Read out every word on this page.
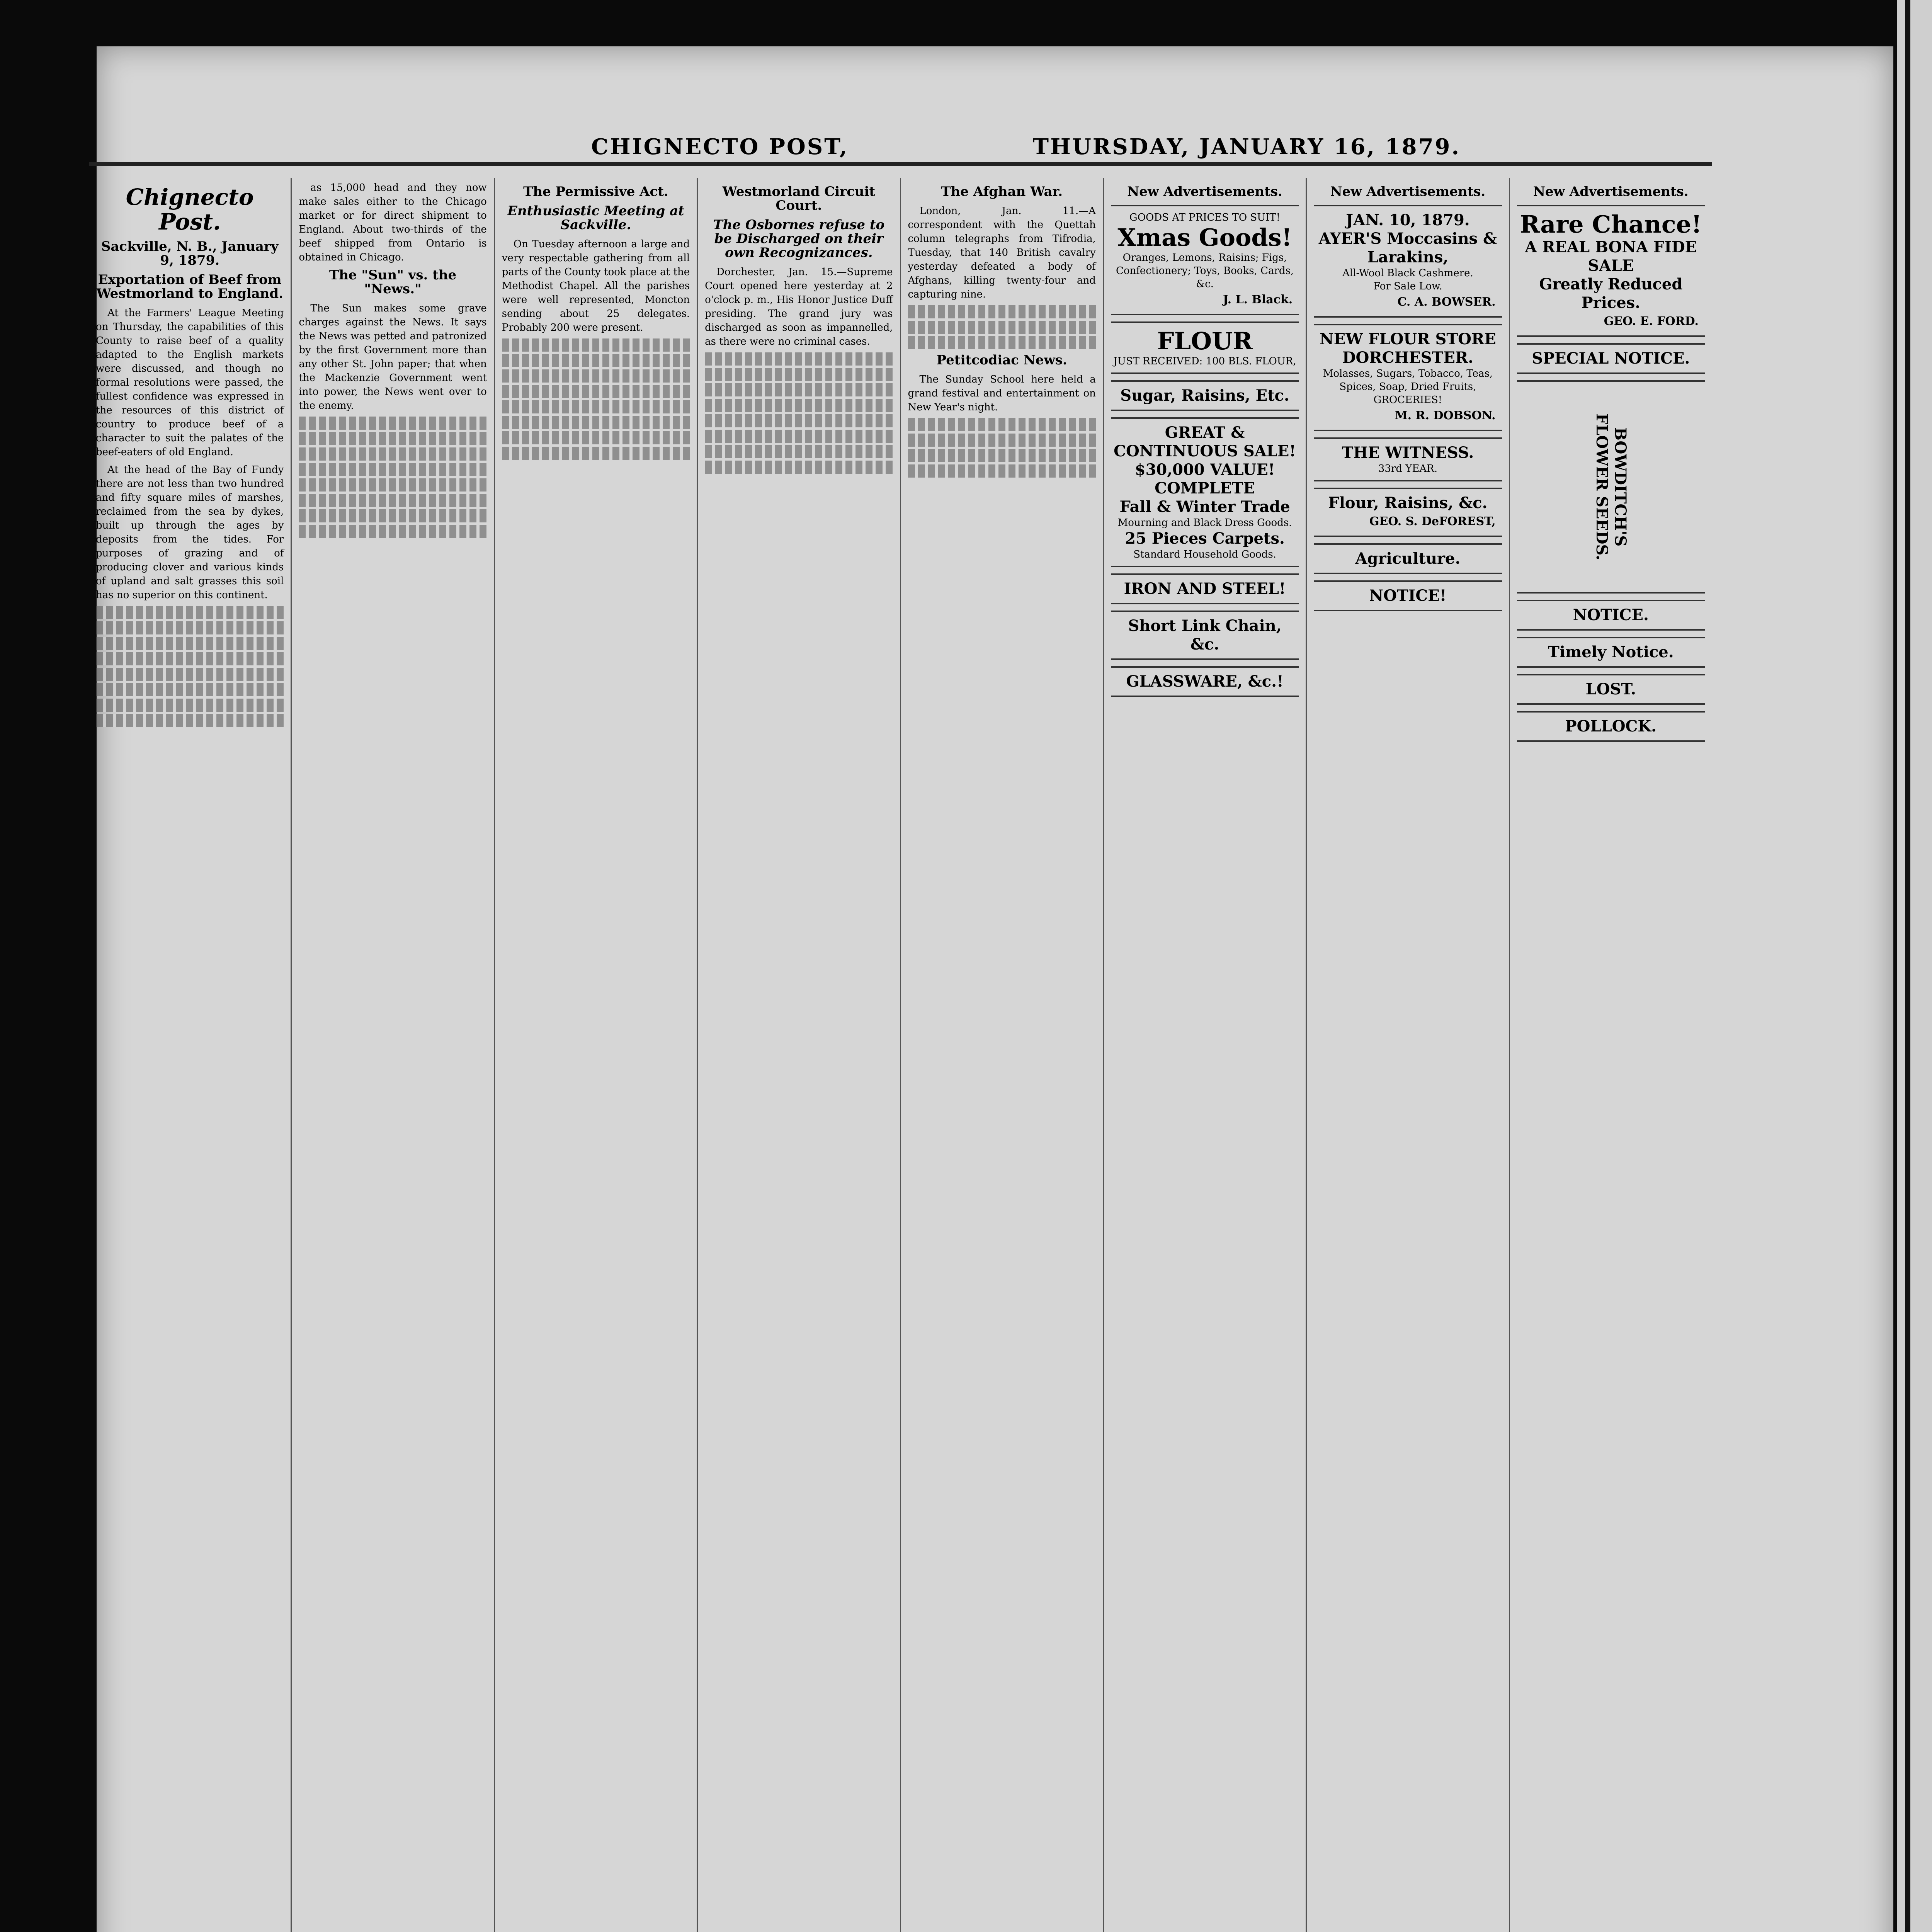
CHIGNECTO POST,	THURSDAY, JANUARY 16, 1879.
Chignecto Post.
Sackville, N. B., January 9, 1879.
Exportation of Beef from Westmorland to England.

At the Farmers' League Meeting on Thursday, the capabilities of this County to raise beef of a quality adapted to the English markets were discussed, and though no formal resolutions were passed, the fullest confidence was expressed in the resources of this district of country to produce beef of a character to suit the palates of the beef-eaters of old England.

At the head of the Bay of Fundy there are not less than two hundred and fifty square miles of marshes, reclaimed from the sea by dykes, built up through the ages by deposits from the tides. For purposes of grazing and of producing clover and various kinds of upland and salt grasses this soil has no superior on this continent.

as 15,000 head and they now make sales either to the Chicago market or for direct shipment to England. About two-thirds of the beef shipped from Ontario is obtained in Chicago.

The "Sun" vs. the "News."

The Sun makes some grave charges against the News. It says the News was petted and patronized by the first Government more than any other St. John paper; that when the Mackenzie Government went into power, the News went over to the enemy.

The Permissive Act.
Enthusiastic Meeting at Sackville.

On Tuesday afternoon a large and very respectable gathering from all parts of the County took place at the Methodist Chapel. All the parishes were well represented, Moncton sending about 25 delegates. Probably 200 were present.

Westmorland Circuit Court.
The Osbornes refuse to be Discharged on their own Recognizances.

Dorchester, Jan. 15.—Supreme Court opened here yesterday at 2 o'clock p. m., His Honor Justice Duff presiding. The grand jury was discharged as soon as impannelled, as there were no criminal cases.

The Afghan War.

London, Jan. 11.—A correspondent with the Quettah column telegraphs from Tifrodia, Tuesday, that 140 British cavalry yesterday defeated a body of Afghans, killing twenty-four and capturing nine.

Petitcodiac News.

The Sunday School here held a grand festival and entertainment on New Year's night.

New Advertisements.
GOODS AT PRICES TO SUIT!
Xmas Goods!
Oranges, Lemons, Raisins; Figs, Confectionery; Toys, Books, Cards, &c.
J. L. Black.
FLOUR
JUST RECEIVED: 100 BLS. FLOUR,
Sugar, Raisins, Etc.
GREAT & CONTINUOUS SALE!
$30,000 VALUE!
COMPLETE
Fall & Winter Trade
Mourning and Black Dress Goods.
25 Pieces Carpets.
Standard Household Goods.
IRON AND STEEL!
Short Link Chain, &c.
GLASSWARE, &c.!
New Advertisements.
JAN. 10, 1879.
AYER'S Moccasins & Larakins,
All-Wool Black Cashmere.
For Sale Low.
C. A. BOWSER.
NEW FLOUR STORE
DORCHESTER.
Molasses, Sugars, Tobacco, Teas, Spices, Soap, Dried Fruits, GROCERIES!
M. R. DOBSON.
THE WITNESS.
33rd YEAR.
Flour, Raisins, &c.
GEO. S. DeFOREST,
Agriculture.
NOTICE!
New Advertisements.
Rare Chance!
A REAL BONA FIDE SALE
Greatly Reduced Prices.
GEO. E. FORD.
SPECIAL NOTICE.
BOWDITCH'S FLOWER SEEDS.
NOTICE.
Timely Notice.
LOST.
POLLOCK.
